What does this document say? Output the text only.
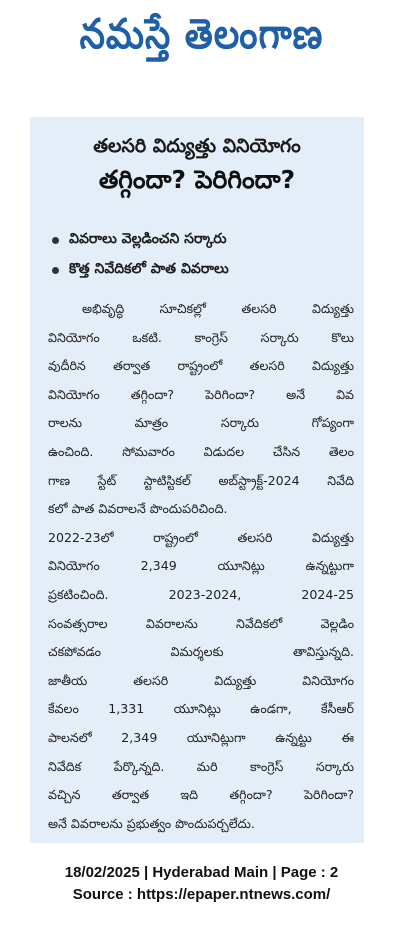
నమస్తే తెలంగాణ
తలసరి విద్యుత్తు వినియోగం
తగ్గిందా? పెరిగిందా?
వివరాలు వెల్లడించని సర్కారు
కొత్త నివేదికలో పాత వివరాలు
అభివృద్ధి సూచికల్లో తలసరి విద్యుత్తు
వినియోగం ఒకటి. కాంగ్రెస్ సర్కారు కొలు
వుదీరిన తర్వాత రాష్ట్రంలో తలసరి విద్యుత్తు
వినియోగం తగ్గిందా? పెరిగిందా? అనే వివ
రాలను మాత్రం సర్కారు గోప్యంగా
ఉంచింది. సోమవారం విడుదల చేసిన తెలం
గాణ స్టేట్ స్టాటిస్టికల్ అబ్‌స్ట్రాక్ట్-2024 నివేది
కలో పాత వివరాలనే పొందుపరిచింది.
2022-23లో రాష్ట్రంలో తలసరి విద్యుత్తు
వినియోగం 2,349 యూనిట్లు ఉన్నట్టుగా
ప్రకటించింది. 2023-2024, 2024-25
సంవత్సరాల వివరాలను నివేదికలో వెల్లడిం
చకపోవడం విమర్శలకు తావిస్తున్నది.
జాతీయ తలసరి విద్యుత్తు వినియోగం
కేవలం 1,331 యూనిట్లు ఉండగా, కేసీఆర్
పాలనలో 2,349 యూనిట్లుగా ఉన్నట్టు ఈ
నివేదిక పేర్కొన్నది. మరి కాంగ్రెస్ సర్కారు
వచ్చిన తర్వాత ఇది తగ్గిందా? పెరిగిందా?
అనే వివరాలను ప్రభుత్వం పొందుపర్చలేదు.
18/02/2025 | Hyderabad Main | Page : 2
Source : https://epaper.ntnews.com/
